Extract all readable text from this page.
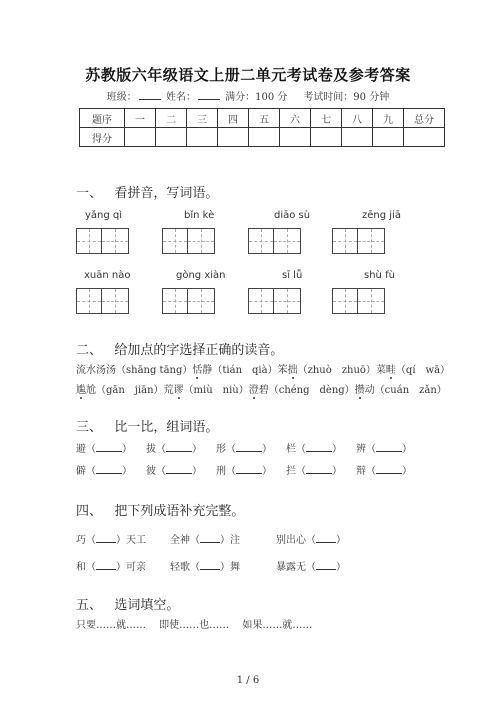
苏教版六年级语文上册二单元考试卷及参考答案
班级：	姓名：	满分：100 分 考试时间：90 分钟
题序	一	二	三	四	五	六	七	八	九	总分
得分										
一、 看拼音，写词语。
yǎng qì	bǐn kè	diāo sù	zēng jiā
xuān nào	gòng xiàn	sī lǚ	shù fù
二、 给加点的字选择正确的读音。
流水汤汤（shāng tāng）恬静（tián　qià）笨拙（zhuò　zhuō）菜畦（qí　wā）
尴尬（gān　jiān）荒谬（miù　niù）澄碧（chéng　dèng）攒动（cuán　zǎn）
三、 比一比，组词语。
避（	） 拔（	） 形（	） 栏（	） 辨（	）
僻（	） 彼（	） 刑（	） 拦（	） 辩（	）
四、 把下列成语补充完整。
巧（ ）天工 全神（ ）注	别出心（ ）
和（ ）可亲 轻歌（ ）舞	暴露无（ ）
五、 选词填空。
只要……就……　 即使……也……　 如果……就……
1 / 6
